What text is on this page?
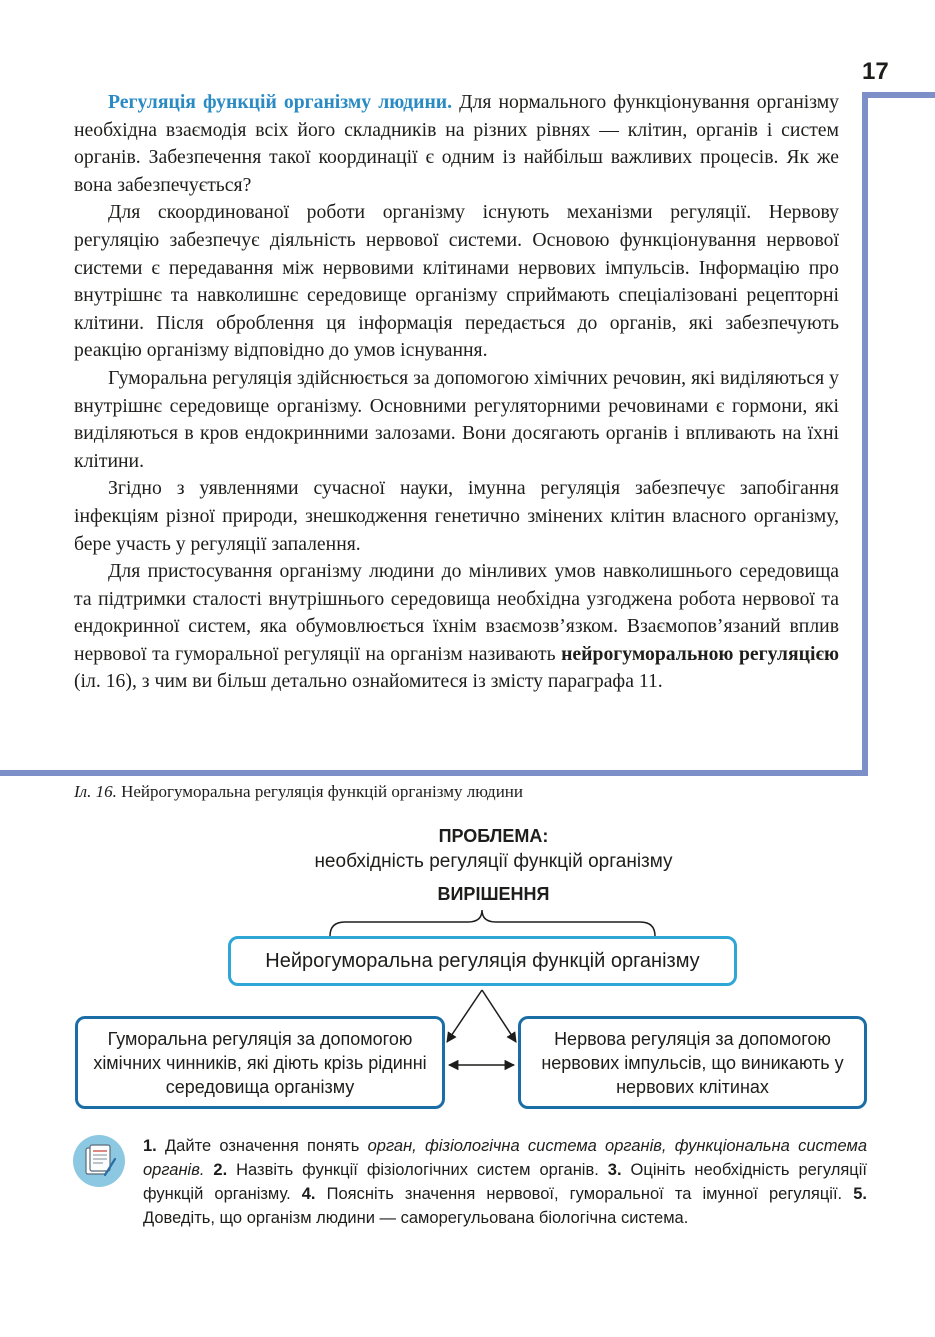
17

Регуляція функцій організму людини. Для нормального функціонування організму необхідна взаємодія всіх його складників на різних рівнях — клітин, органів і систем органів. Забезпечення такої координації є одним із найбільш важливих процесів. Як же вона забезпечується?

Для скоординованої роботи організму існують механізми регуляції. Нервову регуляцію забезпечує діяльність нервової системи. Основою функціонування нервової системи є передавання між нервовими клітинами нервових імпульсів. Інформацію про внутрішнє та навколишнє середовище організму сприймають спеціалізовані рецепторні клітини. Після оброблення ця інформація передається до органів, які забезпечують реакцію організму відповідно до умов існування.

Гуморальна регуляція здійснюється за допомогою хімічних речовин, які виділяються у внутрішнє середовище організму. Основними регуляторними речовинами є гормони, які виділяються в кров ендокринними залозами. Вони досягають органів і впливають на їхні клітини.

Згідно з уявленнями сучасної науки, імунна регуляція забезпечує запобігання інфекціям різної природи, знешкодження генетично змінених клітин власного організму, бере участь у регуляції запалення.

Для пристосування організму людини до мінливих умов навколишнього середовища та підтримки сталості внутрішнього середовища необхідна узгоджена робота нервової та ендокринної систем, яка обумовлюється їхнім взаємозв’язком. Взаємопов’язаний вплив нервової та гуморальної регуляції на організм називають нейрогуморальною регуляцією (іл. 16), з чим ви більш детально ознайомитеся із змісту параграфа 11.

Іл. 16. Нейрогуморальна регуляція функцій організму людини
ПРОБЛЕМА:
необхідність регуляції функцій організму
ВИРІШЕННЯ
Нейрогуморальна регуляція функцій організму
Гуморальна регуляція за допомогою хімічних чинників, які діють крізь рідинні середовища організму
Нервова регуляція за допомогою нервових імпульсів, що виникають у нервових клітинах
1. Дайте означення понять орган, фізіологічна система органів, функціональна система органів. 2. Назвіть функції фізіологічних систем органів. 3. Оцініть необхідність регуляції функцій організму. 4. Поясніть значення нервової, гуморальної та імунної регуляції. 5. Доведіть, що організм людини — саморегульована біологічна система.
